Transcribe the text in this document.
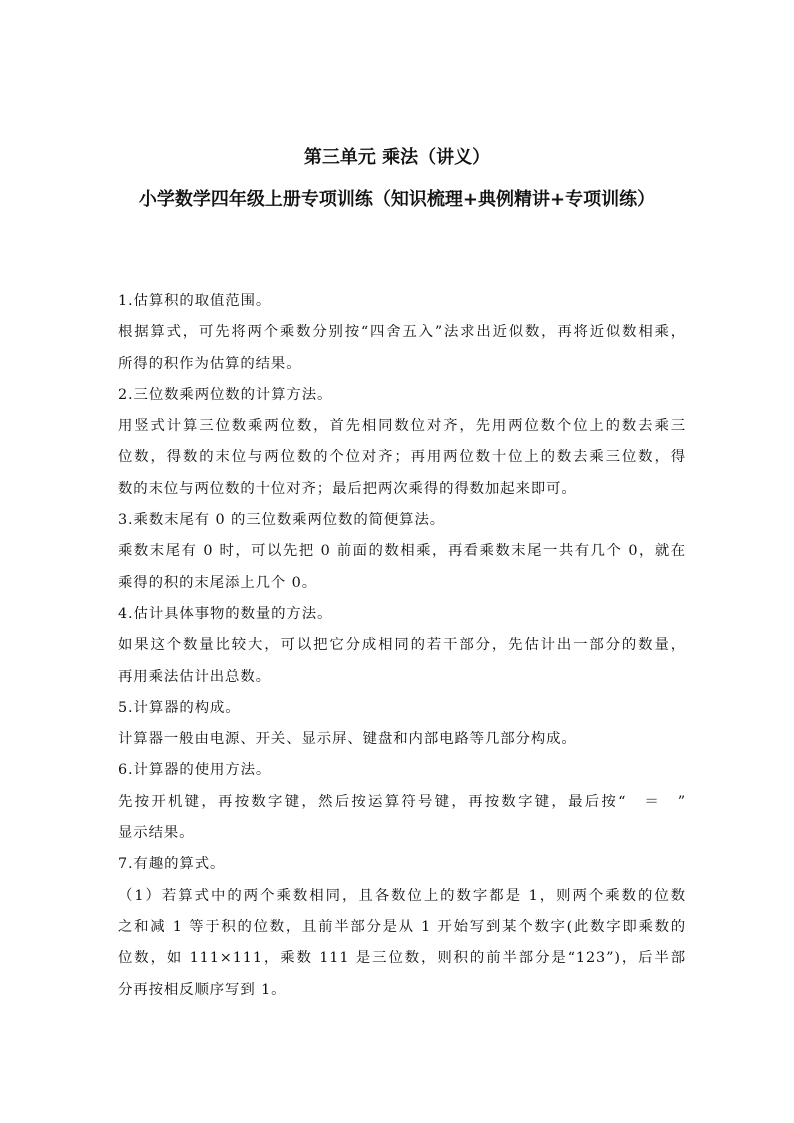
第三单元 乘法（讲义）
小学数学四年级上册专项训练（知识梳理+典例精讲+专项训练）
1.估算积的取值范围。
根据算式，可先将两个乘数分别按“四舍五入”法求出近似数，再将近似数相乘，
所得的积作为估算的结果。
2.三位数乘两位数的计算方法。
用竖式计算三位数乘两位数，首先相同数位对齐，先用两位数个位上的数去乘三
位数，得数的末位与两位数的个位对齐；再用两位数十位上的数去乘三位数，得
数的末位与两位数的十位对齐；最后把两次乘得的得数加起来即可。
3.乘数末尾有 0 的三位数乘两位数的简便算法。
乘数末尾有 0 时，可以先把 0 前面的数相乘，再看乘数末尾一共有几个 0，就在
乘得的积的末尾添上几个 0。
4.估计具体事物的数量的方法。
如果这个数量比较大，可以把它分成相同的若干部分，先估计出一部分的数量，
再用乘法估计出总数。
5.计算器的构成。
计算器一般由电源、开关、显示屏、键盘和内部电路等几部分构成。
6.计算器的使用方法。
先按开机键，再按数字键，然后按运算符号键，再按数字键，最后按“　＝　”
显示结果。
7.有趣的算式。
（1）若算式中的两个乘数相同，且各数位上的数字都是 1，则两个乘数的位数
之和减 1 等于积的位数，且前半部分是从 1 开始写到某个数字(此数字即乘数的
位数，如 111×111，乘数 111 是三位数，则积的前半部分是“123”)，后半部
分再按相反顺序写到 1。
